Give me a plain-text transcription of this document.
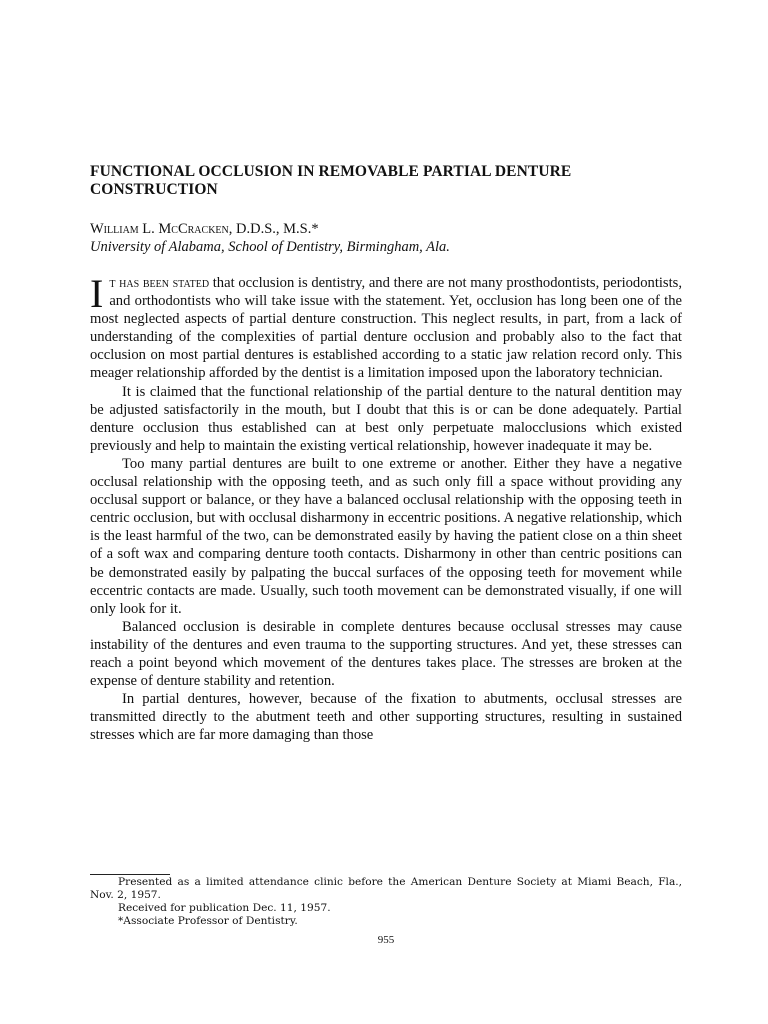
FUNCTIONAL OCCLUSION IN REMOVABLE PARTIAL DENTURE CONSTRUCTION

William L. McCracken, D.D.S., M.S.*

University of Alabama, School of Dentistry, Birmingham, Ala.

It has been stated that occlusion is dentistry, and there are not many prosthodontists, periodontists, and orthodontists who will take issue with the statement. Yet, occlusion has long been one of the most neglected aspects of partial denture construction. This neglect results, in part, from a lack of understanding of the complexities of partial denture occlusion and probably also to the fact that occlusion on most partial dentures is established according to a static jaw relation record only. This meager relationship afforded by the dentist is a limitation imposed upon the laboratory technician.

It is claimed that the functional relationship of the partial denture to the natural dentition may be adjusted satisfactorily in the mouth, but I doubt that this is or can be done adequately. Partial denture occlusion thus established can at best only perpetuate malocclusions which existed previously and help to maintain the existing vertical relationship, however inadequate it may be.

Too many partial dentures are built to one extreme or another. Either they have a negative occlusal relationship with the opposing teeth, and as such only fill a space without providing any occlusal support or balance, or they have a balanced occlusal relationship with the opposing teeth in centric occlusion, but with occlusal disharmony in eccentric positions. A negative relationship, which is the least harmful of the two, can be demonstrated easily by having the patient close on a thin sheet of a soft wax and comparing denture tooth contacts. Disharmony in other than centric positions can be demonstrated easily by palpating the buccal surfaces of the opposing teeth for movement while eccentric contacts are made. Usually, such tooth movement can be demonstrated visually, if one will only look for it.

Balanced occlusion is desirable in complete dentures because occlusal stresses may cause instability of the dentures and even trauma to the supporting structures. And yet, these stresses can reach a point beyond which movement of the dentures takes place. The stresses are broken at the expense of denture stability and retention.

In partial dentures, however, because of the fixation to abutments, occlusal stresses are transmitted directly to the abutment teeth and other supporting structures, resulting in sustained stresses which are far more damaging than those

Presented as a limited attendance clinic before the American Denture Society at Miami Beach, Fla., Nov. 2, 1957.

Received for publication Dec. 11, 1957.

*Associate Professor of Dentistry.

955
